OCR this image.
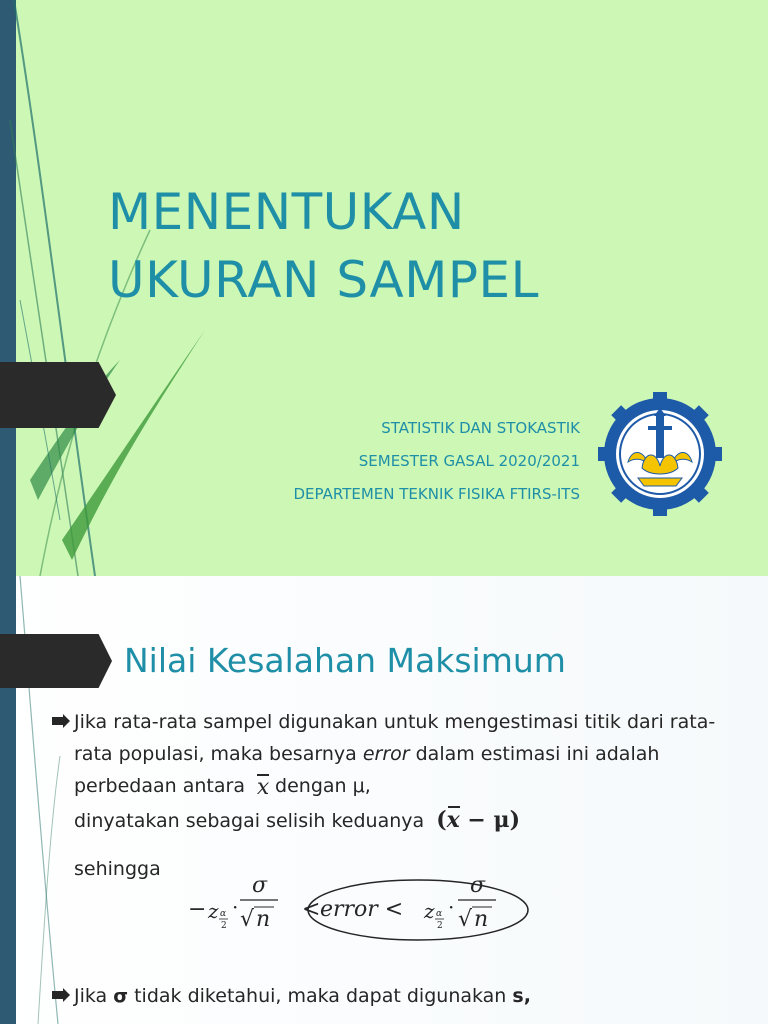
MENENTUKAN
UKURAN SAMPEL
STATISTIK DAN STOKASTIK
SEMESTER GASAL 2020/2021
DEPARTEMEN TEKNIK FISIKA FTIRS-ITS
Nilai Kesalahan Maksimum
Jika rata-rata sampel digunakan untuk mengestimasi titik dari rata-rata populasi, maka besarnya error dalam estimasi ini adalah perbedaan antara x dengan μ,
dinyatakan sebagai selisih keduanya (x − μ)
sehingga
− z α
2
·
σ
√ n < error < z α
2
·
σ
√ n
Jika σ tidak diketahui, maka dapat digunakan s,
